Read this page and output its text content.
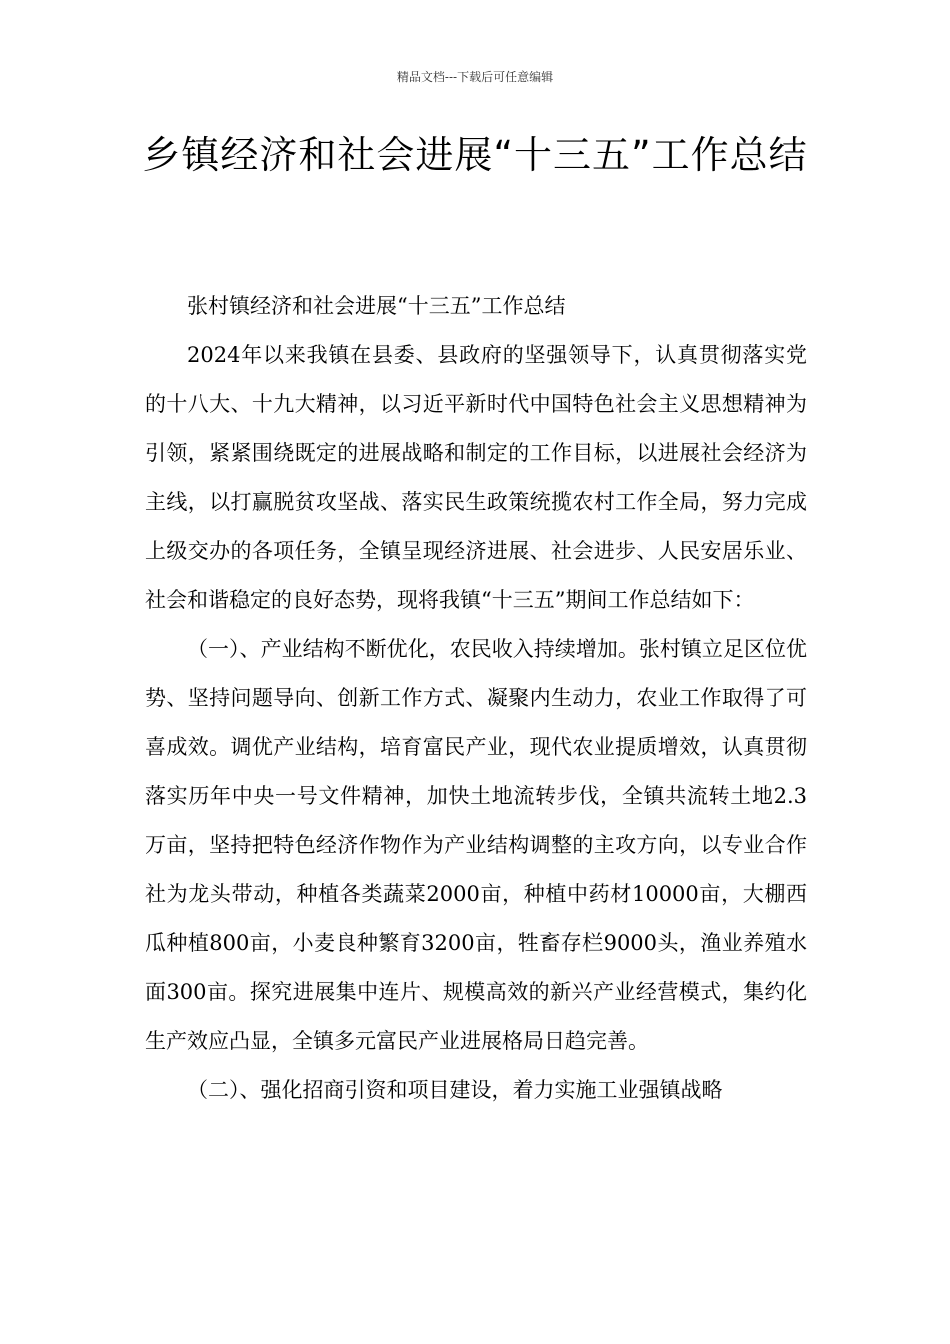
精品文档---下载后可任意编辑
乡镇经济和社会进展“十三五”工作总结

张村镇经济和社会进展“十三五”工作总结

2024年以来我镇在县委、县政府的坚强领导下，认真贯彻落实党的十八大、十九大精神，以习近平新时代中国特色社会主义思想精神为引领，紧紧围绕既定的进展战略和制定的工作目标，以进展社会经济为主线，以打赢脱贫攻坚战、落实民生政策统揽农村工作全局，努力完成上级交办的各项任务，全镇呈现经济进展、社会进步、人民安居乐业、社会和谐稳定的良好态势，现将我镇“十三五”期间工作总结如下：

（一）、产业结构不断优化，农民收入持续增加。张村镇立足区位优势、坚持问题导向、创新工作方式、凝聚内生动力，农业工作取得了可喜成效。调优产业结构，培育富民产业，现代农业提质增效，认真贯彻落实历年中央一号文件精神，加快土地流转步伐，全镇共流转土地2.3万亩，坚持把特色经济作物作为产业结构调整的主攻方向，以专业合作社为龙头带动，种植各类蔬菜2000亩，种植中药材10000亩，大棚西瓜种植800亩，小麦良种繁育3200亩，牲畜存栏9000头，渔业养殖水面300亩。探究进展集中连片、规模高效的新兴产业经营模式，集约化生产效应凸显，全镇多元富民产业进展格局日趋完善。

（二）、强化招商引资和项目建设，着力实施工业强镇战略
